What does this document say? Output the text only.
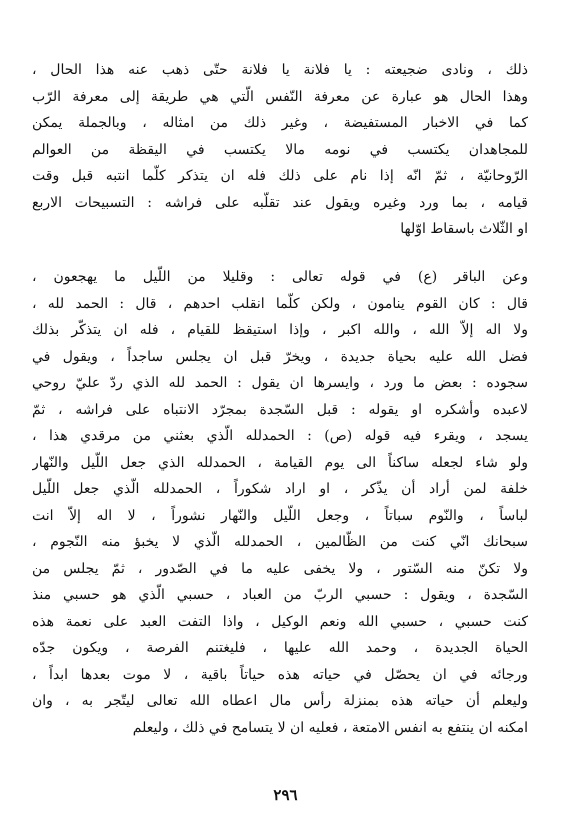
ذلك ، ونادى ضجيعته : يا فلانة يا فلانة حتّى ذهب عنه هذا الحال ،
وهذا الحال هو عبارة عن معرفة النّفس الّتي هي طريقة إلى معرفة الرّب
كما في الاخبار المستفيضة ، وغير ذلك من امثاله ، وبالجملة يمكن
للمجاهدان يكتسب في نومه مالا يكتسب في اليقظة من العوالم
الرّوحانيّة ، ثمّ انّه إذا نام على ذلك فله ان يتذكر كلّما انتبه قبل وقت
قيامه ، بما ورد وغيره ويقول عند تقلّبه على فراشه : التسبيحات الاربع
او الثّلاث باسقاط اوّلها
وعن الباقر (ع) في قوله تعالى : وقليلا من اللّيل ما يهجعون ،
قال : كان القوم ينامون ، ولكن كلّما انقلب احدهم ، قال : الحمد لله ،
ولا اله إلاّ الله ، والله اكبر ، وإذا استيقظ للقيام ، فله ان يتذكّر بذلك
فضل الله عليه بحياة جديدة ، ويخرّ قبل ان يجلس ساجداً ، ويقول في
سجوده : بعض ما ورد ، وايسرها ان يقول : الحمد لله الذي ردّ عليّ روحي
لاعبده وأشكره او يقوله : قبل السّجدة بمجرّد الانتباه على فراشه ، ثمّ
يسجد ، ويقرء فيه قوله (ص) : الحمدلله الّذي بعثني من مرقدي هذا ،
ولو شاء لجعله ساكناً الى يوم القيامة ، الحمدلله الذي جعل اللّيل والنّهار
خلفة لمن أراد أن يذّكر ، او اراد شكوراً ، الحمدلله الّذي جعل اللّيل
لباساً ، والنّوم سباتاً ، وجعل اللّيل والنّهار نشوراً ، لا اله إلاّ انت
سبحانك انّي كنت من الظّالمين ، الحمدلله الّذي لا يخبؤ منه النّجوم ،
ولا تكنّ منه السّتور ، ولا يخفى عليه ما في الصّدور ، ثمّ يجلس من
السّجدة ، ويقول : حسبي الربّ من العباد ، حسبي الّذي هو حسبي منذ
كنت حسبي ، حسبي الله ونعم الوكيل ، واذا التفت العبد على نعمة هذه
الحياة الجديدة ، وحمد الله عليها ، فليغتنم الفرصة ، ويكون جدّه
ورجائه في ان يحصّل في حياته هذه حياتاً باقية ، لا موت بعدها ابداً ،
وليعلم أن حياته هذه بمنزلة رأس مال اعطاه الله تعالى ليتّجر به ، وان
امكنه ان ينتفع به انفس الامتعة ، فعليه ان لا يتسامح في ذلك ، وليعلم
٢٩٦
